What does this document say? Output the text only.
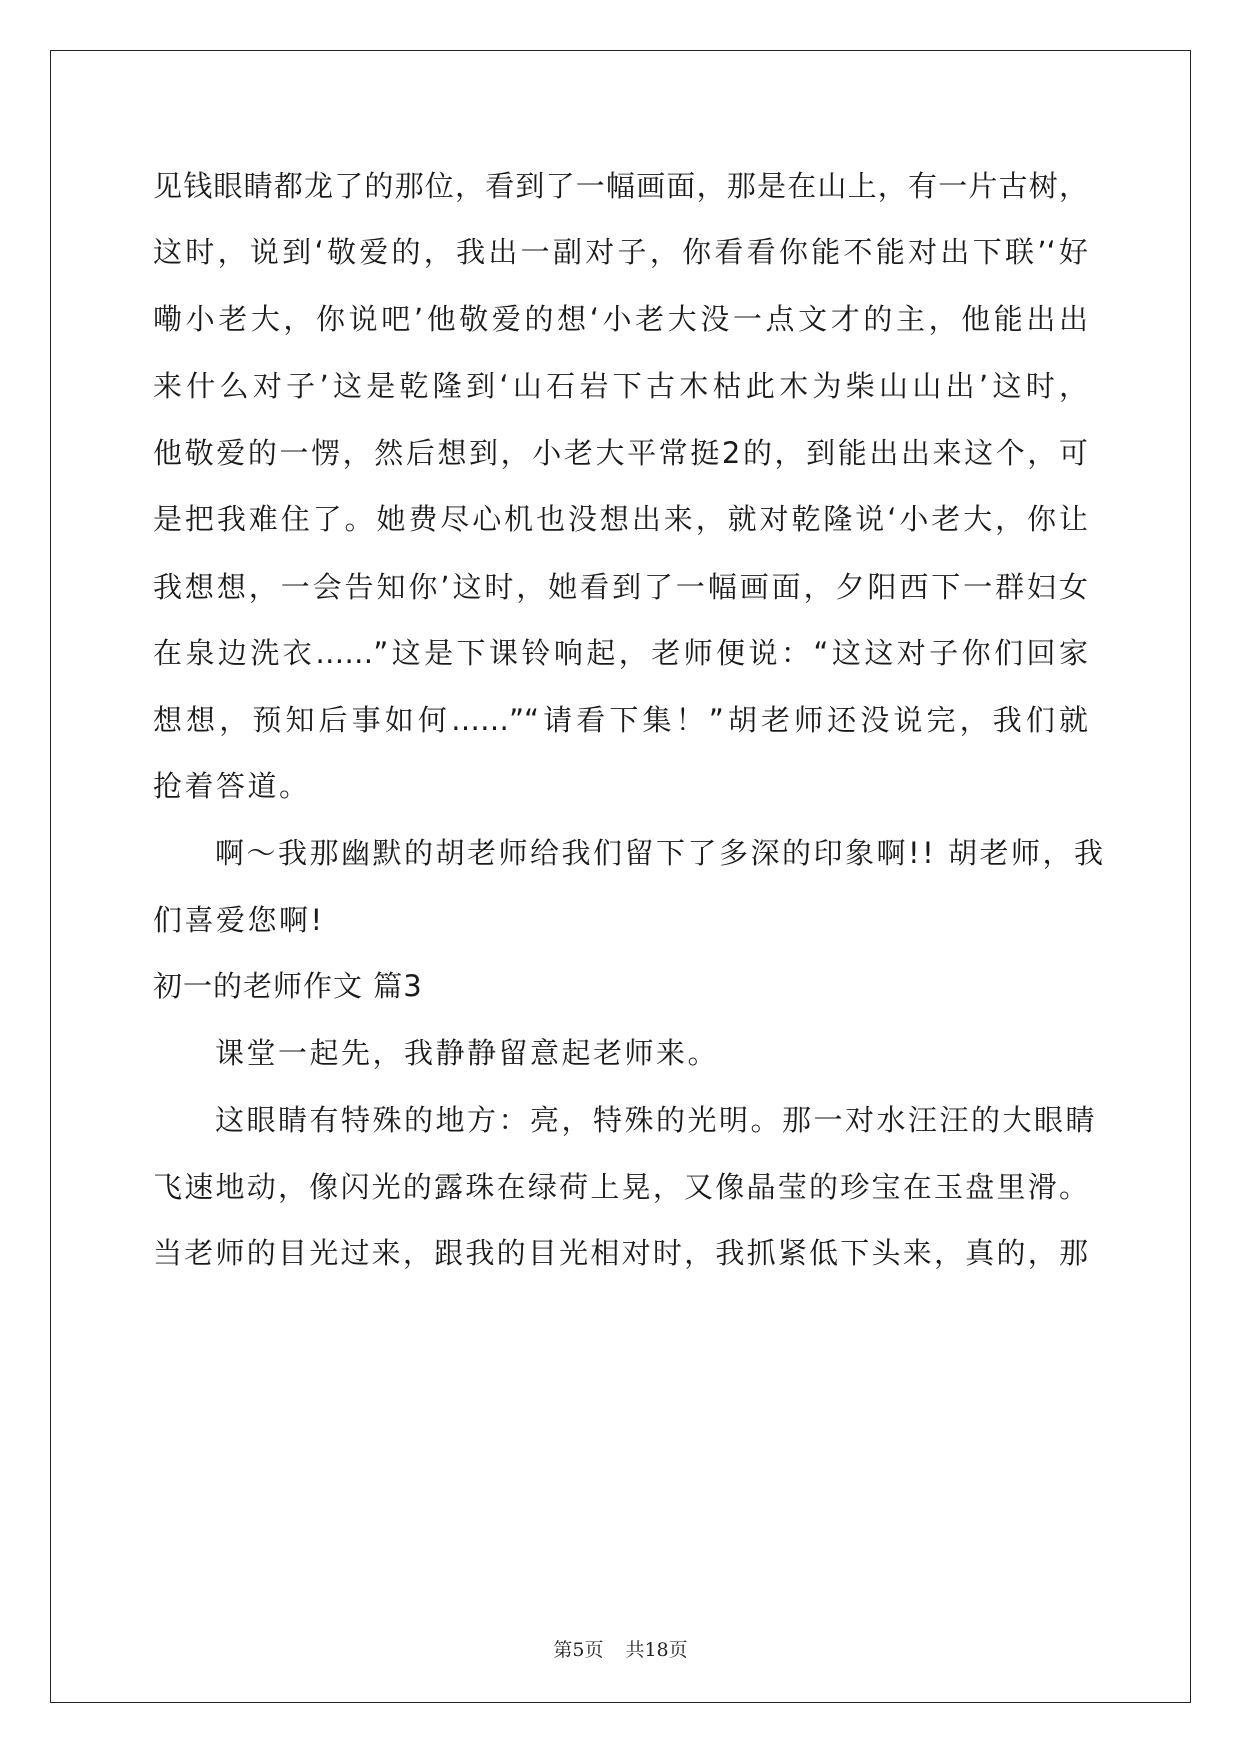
见钱眼睛都龙了的那位，看到了一幅画面，那是在山上，有一片古树，
这时，说到‘敬爱的，我出一副对子，你看看你能不能对出下联’‘好
嘞小老大，你说吧’他敬爱的想‘小老大没一点文才的主，他能出出
来什么对子’这是乾隆到‘山石岩下古木枯此木为柴山山出’这时，
他敬爱的一愣，然后想到，小老大平常挺2的，到能出出来这个，可
是把我难住了。她费尽心机也没想出来，就对乾隆说‘小老大，你让
我想想，一会告知你’这时，她看到了一幅画面，夕阳西下一群妇女
在泉边洗衣……”这是下课铃响起，老师便说：“这这对子你们回家
想想，预知后事如何……”“请看下集！”胡老师还没说完，我们就
抢着答道。
啊～我那幽默的胡老师给我们留下了多深的印象啊!! 胡老师，我
们喜爱您啊!
初一的老师作文 篇3
课堂一起先，我静静留意起老师来。
这眼睛有特殊的地方：亮，特殊的光明。那一对水汪汪的大眼睛
飞速地动，像闪光的露珠在绿荷上晃，又像晶莹的珍宝在玉盘里滑。
当老师的目光过来，跟我的目光相对时，我抓紧低下头来，真的，那
第5页 共18页
